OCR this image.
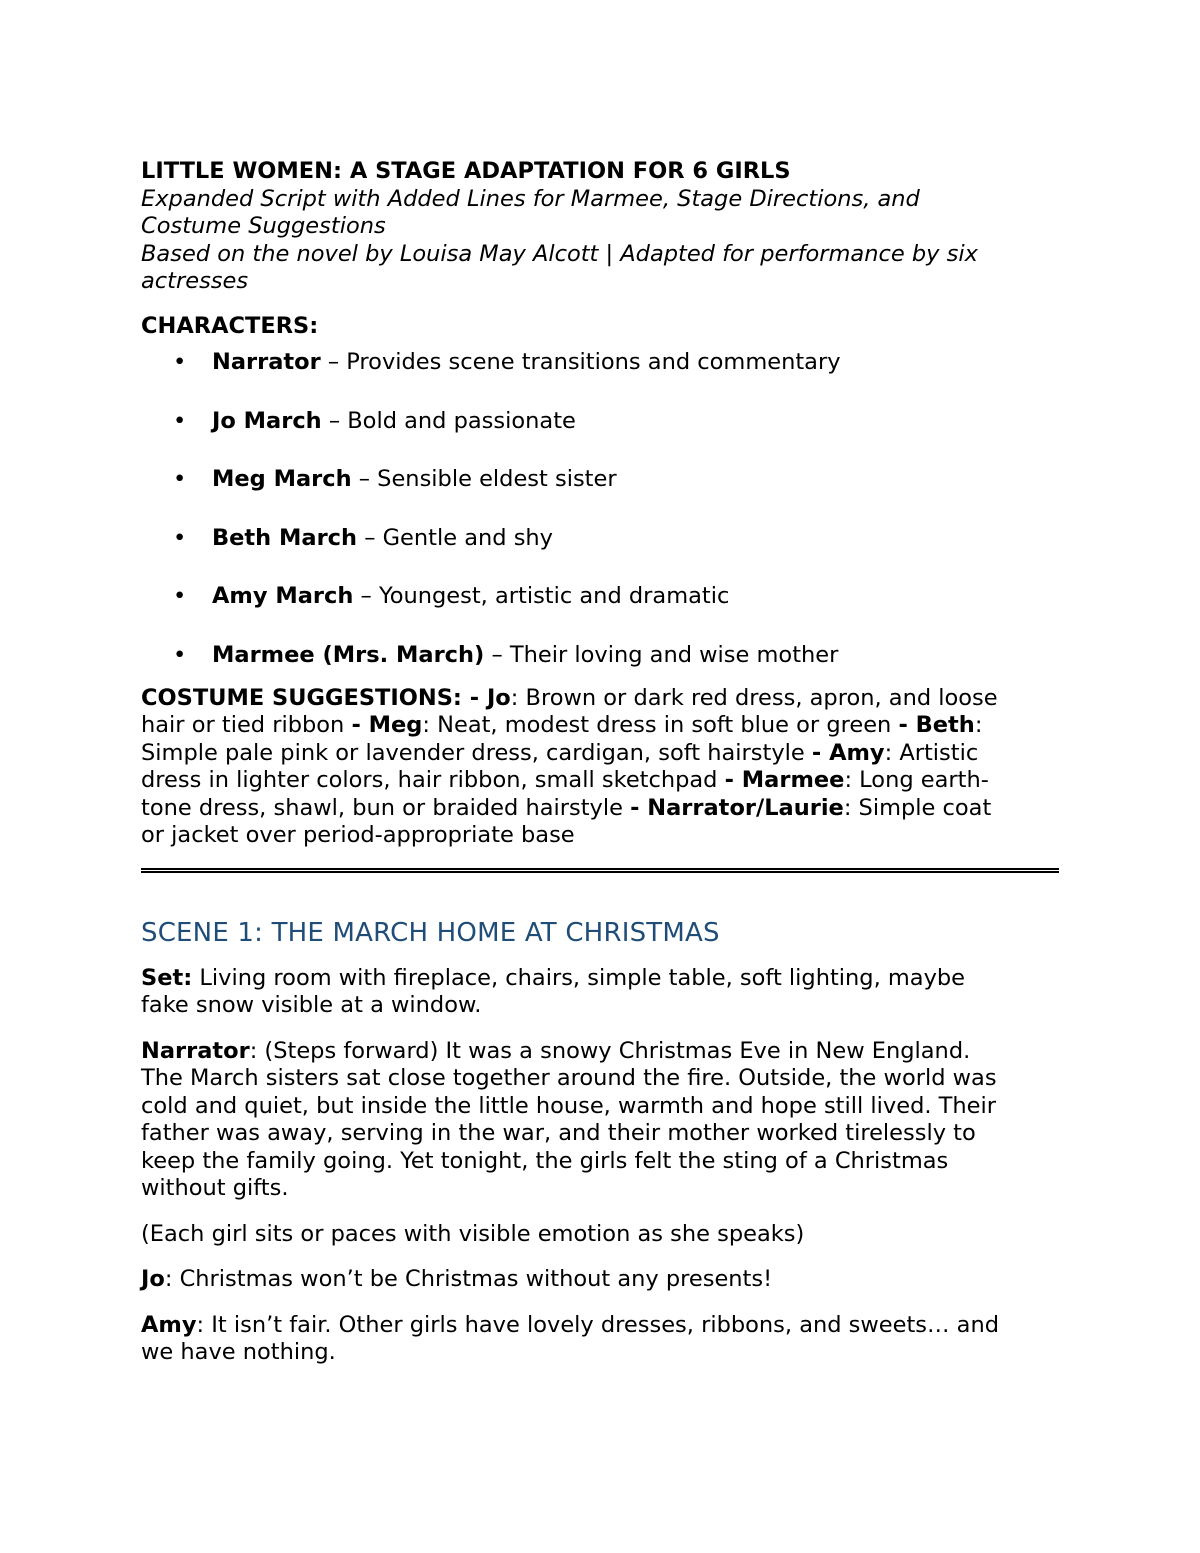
LITTLE WOMEN: A STAGE ADAPTATION FOR 6 GIRLS

Expanded Script with Added Lines for Marmee, Stage Directions, and

Costume Suggestions

Based on the novel by Louisa May Alcott | Adapted for performance by six

actresses

CHARACTERS:

• Narrator – Provides scene transitions and commentary
• Jo March – Bold and passionate
• Meg March – Sensible eldest sister
• Beth March – Gentle and shy
• Amy March – Youngest, artistic and dramatic
• Marmee (Mrs. March) – Their loving and wise mother

COSTUME SUGGESTIONS: - Jo: Brown or dark red dress, apron, and loose

hair or tied ribbon - Meg: Neat, modest dress in soft blue or green - Beth:

Simple pale pink or lavender dress, cardigan, soft hairstyle - Amy: Artistic

dress in lighter colors, hair ribbon, small sketchpad - Marmee: Long earth-

tone dress, shawl, bun or braided hairstyle - Narrator/Laurie: Simple coat

or jacket over period-appropriate base

SCENE 1: THE MARCH HOME AT CHRISTMAS

Set: Living room with fireplace, chairs, simple table, soft lighting, maybe

fake snow visible at a window.

Narrator: (Steps forward) It was a snowy Christmas Eve in New England.

The March sisters sat close together around the fire. Outside, the world was

cold and quiet, but inside the little house, warmth and hope still lived. Their

father was away, serving in the war, and their mother worked tirelessly to

keep the family going. Yet tonight, the girls felt the sting of a Christmas

without gifts.

(Each girl sits or paces with visible emotion as she speaks)

Jo: Christmas won’t be Christmas without any presents!

Amy: It isn’t fair. Other girls have lovely dresses, ribbons, and sweets… and

we have nothing.
